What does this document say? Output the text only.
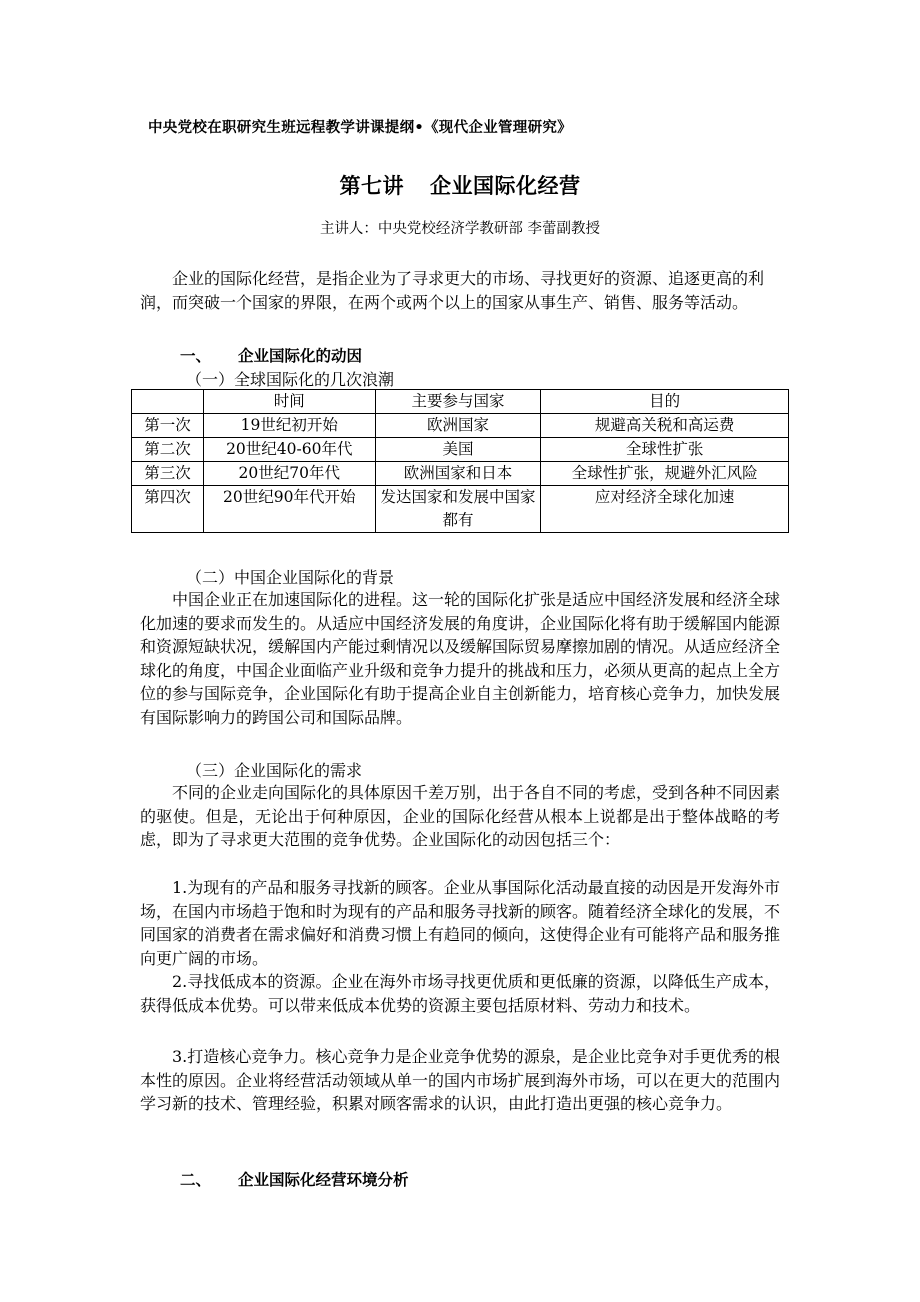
中央党校在职研究生班远程教学讲课提纲•《现代企业管理研究》
第七讲 企业国际化经营
主讲人：中央党校经济学教研部 李蕾副教授
企业的国际化经营，是指企业为了寻求更大的市场、寻找更好的资源、追逐更高的利润，而突破一个国家的界限，在两个或两个以上的国家从事生产、销售、服务等活动。
一、 企业国际化的动因
（一）全球国际化的几次浪潮
	时间	主要参与国家	目的
第一次	19世纪初开始	欧洲国家	规避高关税和高运费
第二次	20世纪40-60年代	美国	全球性扩张
第三次	20世纪70年代	欧洲国家和日本	全球性扩张，规避外汇风险
第四次	20世纪90年代开始	发达国家和发展中国家都有	应对经济全球化加速
（二）中国企业国际化的背景
中国企业正在加速国际化的进程。这一轮的国际化扩张是适应中国经济发展和经济全球化加速的要求而发生的。从适应中国经济发展的角度讲，企业国际化将有助于缓解国内能源和资源短缺状况，缓解国内产能过剩情况以及缓解国际贸易摩擦加剧的情况。从适应经济全球化的角度，中国企业面临产业升级和竞争力提升的挑战和压力，必须从更高的起点上全方位的参与国际竞争，企业国际化有助于提高企业自主创新能力，培育核心竞争力，加快发展有国际影响力的跨国公司和国际品牌。
（三）企业国际化的需求
不同的企业走向国际化的具体原因千差万别，出于各自不同的考虑，受到各种不同因素的驱使。但是，无论出于何种原因，企业的国际化经营从根本上说都是出于整体战略的考虑，即为了寻求更大范围的竞争优势。企业国际化的动因包括三个：
1.为现有的产品和服务寻找新的顾客。企业从事国际化活动最直接的动因是开发海外市场，在国内市场趋于饱和时为现有的产品和服务寻找新的顾客。随着经济全球化的发展，不同国家的消费者在需求偏好和消费习惯上有趋同的倾向，这使得企业有可能将产品和服务推向更广阔的市场。
2.寻找低成本的资源。企业在海外市场寻找更优质和更低廉的资源，以降低生产成本，获得低成本优势。可以带来低成本优势的资源主要包括原材料、劳动力和技术。
3.打造核心竞争力。核心竞争力是企业竞争优势的源泉，是企业比竞争对手更优秀的根本性的原因。企业将经营活动领域从单一的国内市场扩展到海外市场，可以在更大的范围内学习新的技术、管理经验，积累对顾客需求的认识，由此打造出更强的核心竞争力。
二、 企业国际化经营环境分析
